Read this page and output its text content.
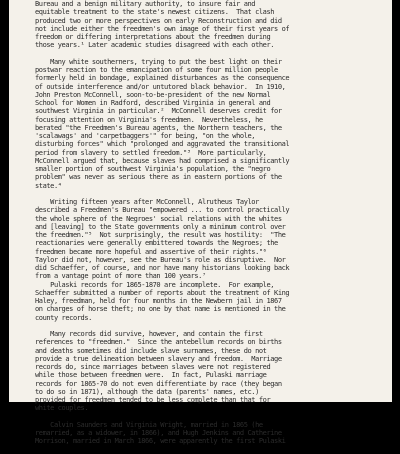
Bureau and a benign military authority, to insure fair and
equitable treatment to the state's newest citizens.  That clash
produced two or more perspectives on early Reconstruction and did
not include either the freedmen's own image of their first years of
freedom or differing interpretations about the freedmen during
those years.¹ Later academic studies disagreed with each other.

Many white southerners, trying to put the best light on their
postwar reaction to the emancipation of some four million people
formerly held in bondage, explained disturbances as the consequence
of outside interference and/or untutored black behavior.  In 1910,
John Preston McConnell, soon-to-be-president of the new Normal
School for Women in Radford, described Virginia in general and
southwest Virginia in particular.²  McConnell deserves credit for
focusing attention on Virginia's freedmen.  Nevertheless, he
berated "the Freedmen's Bureau agents, the Northern teachers, the
'scalawags' and 'carpetbaggers'" for being, "on the whole,
disturbing forces" which "prolonged and aggravated the transitional
period from slavery to settled freedom."³  More particularly,
McConnell argued that, because slaves had comprised a significantly
smaller portion of southwest Virginia's population, the "negro
problem" was never as serious there as in eastern portions of the
state.⁴

Writing fifteen years after McConnell, Alrutheus Taylor
described a Freedmen's Bureau "empowered ... to control practically
the whole sphere of the Negroes' social relations with the whites
and [leaving] to the State governments only a minimum control over
the freedmen."⁵  Not surprisingly, the result was hostility:  "The
reactionaries were generally embittered towards the Negroes; the
freedmen became more hopeful and assertive of their rights."⁶
Taylor did not, however, see the Bureau's role as disruptive.  Nor
did Schaeffer, of course, and nor have many historians looking back
from a vantage point of more than 100 years.⁷
Pulaski records for 1865-1870 are incomplete.  For example,
Schaeffer submitted a number of reports about the treatment of King
Haley, freedman, held for four months in the Newbern jail in 1867
on charges of horse theft; no one by that name is mentioned in the
county records.

Many records did survive, however, and contain the first
references to "freedmen."  Since the antebellum records on births
and deaths sometimes did include slave surnames, these do not
provide a true delineation between slavery and freedom.  Marriage
records do, since marriages between slaves were not registered
while those between freedmen were.  In fact, Pulaski marriage
records for 1865-70 do not even differentiate by race (they began
to do so in 1871), although the data (parents' names, etc.)
provided for freedmen tended to be less complete than that for
white couples.

Calvin Saunders and Virginia Wright, married in 1865 (he
remarried, as a widower, in 1866), and Hugh Jenkins and Catherine
Morrison, married in March 1866, were apparently the first Pulaski
